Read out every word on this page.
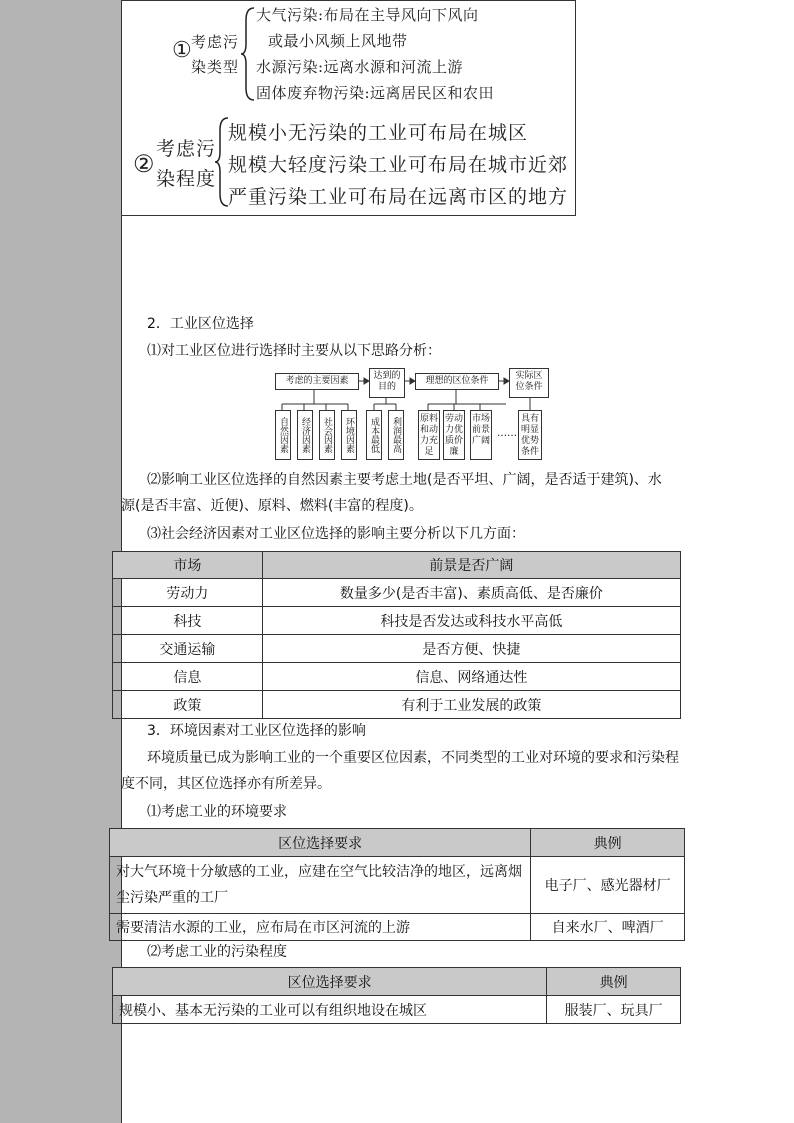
① 考虑污
染类型
大气污染:布局在主导风向下风向
或最小风频上风地带
水源污染:远离水源和河流上游
固体废弃物污染:远离居民区和农田
②
考虑污
染程度
规模小无污染的工业可布局在城区
规模大轻度污染工业可布局在城市近郊
严重污染工业可布局在远离市区的地方
2．工业区位选择
⑴对工业区位进行选择时主要从以下思路分析：
考虑的主要因素	达到的
目的
理想的区位条件	实际区
位条件
自然因素	经济因素	社会因素	环境因素	成本最低	利润最高	原料和动力充足
劳动力优质价廉
市场前景广阔
……
具有明显优势条件
⑵影响工业区位选择的自然因素主要考虑土地(是否平坦、广阔，是否适于建筑)、水
源(是否丰富、近便)、原料、燃料(丰富的程度)。
⑶社会经济因素对工业区位选择的影响主要分析以下几方面：
市场	前景是否广阔
劳动力	数量多少(是否丰富)、素质高低、是否廉价
科技	科技是否发达或科技水平高低
交通运输	是否方便、快捷
信息	信息、网络通达性
政策	有利于工业发展的政策
3．环境因素对工业区位选择的影响
环境质量已成为影响工业的一个重要区位因素，不同类型的工业对环境的要求和污染程
度不同，其区位选择亦有所差异。
⑴考虑工业的环境要求
区位选择要求	典例

对大气环境十分敏感的工业，应建在空气比较洁净的地区，远离烟
尘污染严重的工厂	电子厂、感光器材厂
需要清洁水源的工业，应布局在市区河流的上游	自来水厂、啤酒厂
⑵考虑工业的污染程度
区位选择要求	典例
规模小、基本无污染的工业可以有组织地设在城区	服装厂、玩具厂
